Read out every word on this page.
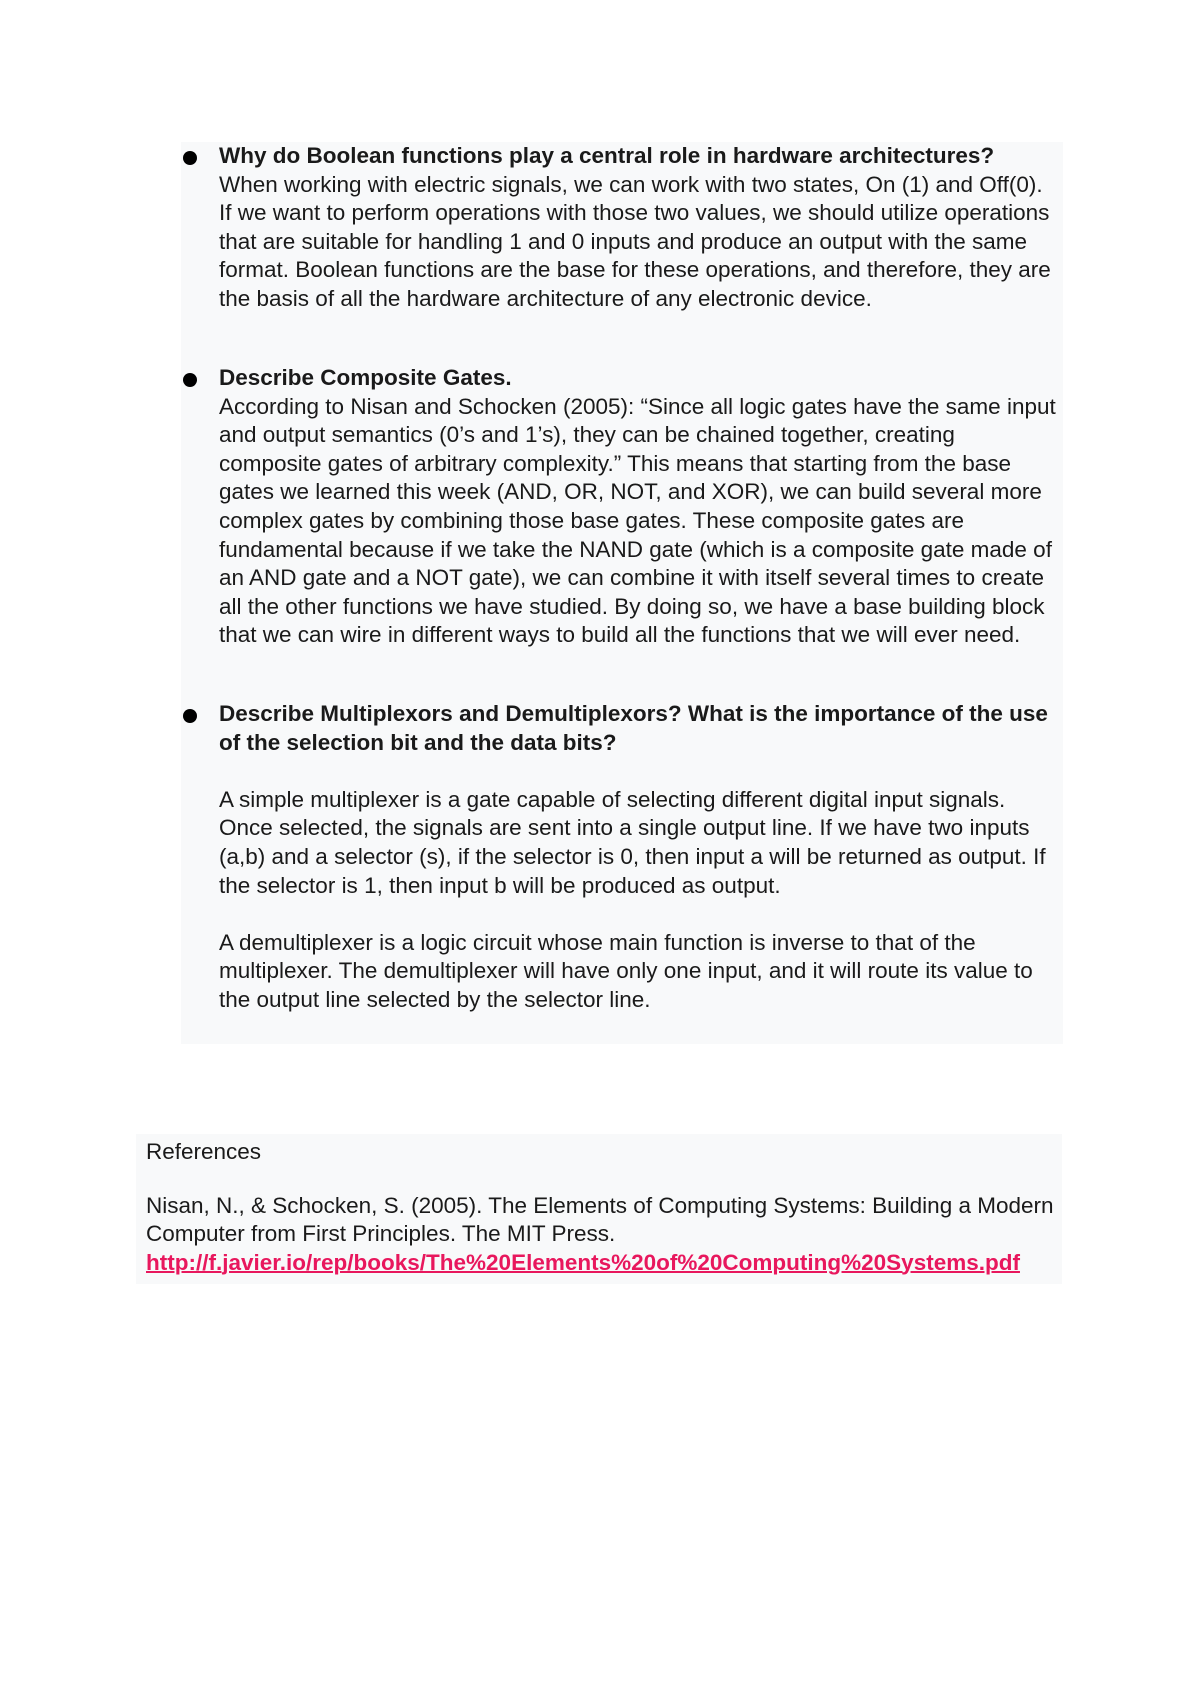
Why do Boolean functions play a central role in hardware architectures?
When working with electric signals, we can work with two states, On (1) and Off(0). If we want to perform operations with those two values, we should utilize operations that are suitable for handling 1 and 0 inputs and produce an output with the same format. Boolean functions are the base for these operations, and therefore, they are the basis of all the hardware architecture of any electronic device.
Describe Composite Gates.
According to Nisan and Schocken (2005): “Since all logic gates have the same input and output semantics (0’s and 1’s), they can be chained together, creating composite gates of arbitrary complexity.” This means that starting from the base gates we learned this week (AND, OR, NOT, and XOR), we can build several more complex gates by combining those base gates. These composite gates are fundamental because if we take the NAND gate (which is a composite gate made of an AND gate and a NOT gate), we can combine it with itself several times to create all the other functions we have studied. By doing so, we have a base building block that we can wire in different ways to build all the functions that we will ever need.
Describe Multiplexors and Demultiplexors? What is the importance of the use of the selection bit and the data bits?
A simple multiplexer is a gate capable of selecting different digital input signals. Once selected, the signals are sent into a single output line. If we have two inputs (a,b) and a selector (s), if the selector is 0, then input a will be returned as output. If the selector is 1, then input b will be produced as output.
A demultiplexer is a logic circuit whose main function is inverse to that of the multiplexer. The demultiplexer will have only one input, and it will route its value to the output line selected by the selector line.
References
Nisan, N., & Schocken, S. (2005). The Elements of Computing Systems: Building a Modern Computer from First Principles. The MIT Press.
http://f.javier.io/rep/books/The%20Elements%20of%20Computing%20Systems.pdf
